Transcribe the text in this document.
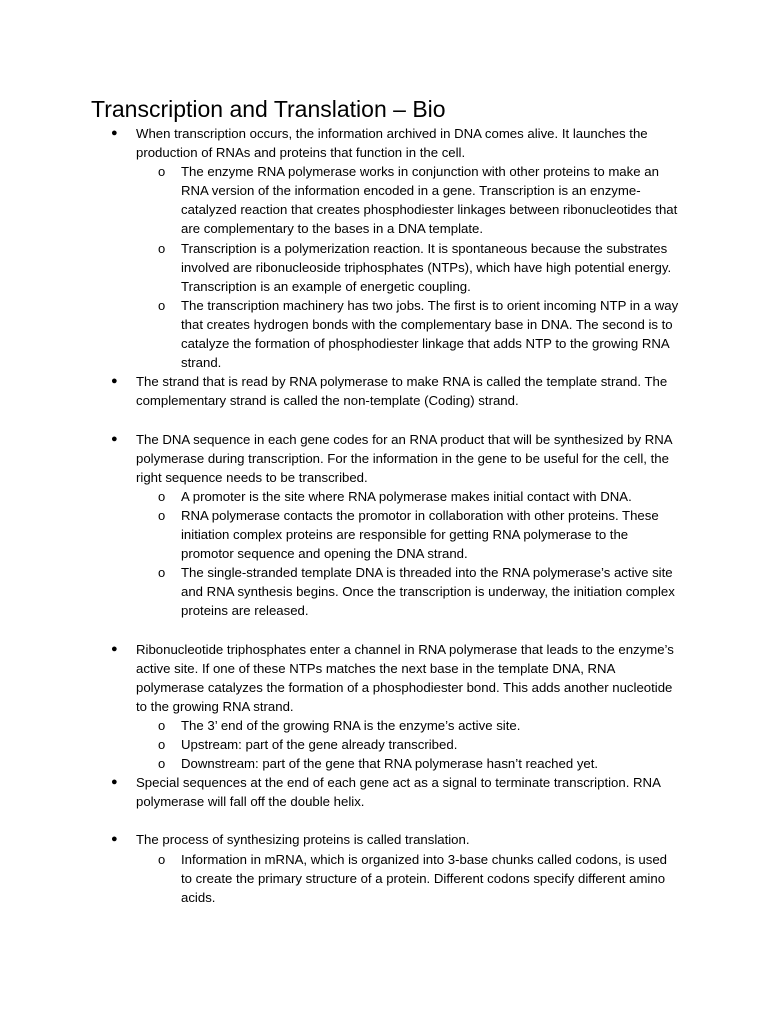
Transcription and Translation – Bio
● When transcription occurs, the information archived in DNA comes alive. It launches the production of RNAs and proteins that function in the cell.
o The enzyme RNA polymerase works in conjunction with other proteins to make an RNA version of the information encoded in a gene. Transcription is an enzyme-catalyzed reaction that creates phosphodiester linkages between ribonucleotides that are complementary to the bases in a DNA template.
o Transcription is a polymerization reaction. It is spontaneous because the substrates involved are ribonucleoside triphosphates (NTPs), which have high potential energy. Transcription is an example of energetic coupling.
o The transcription machinery has two jobs. The first is to orient incoming NTP in a way that creates hydrogen bonds with the complementary base in DNA. The second is to catalyze the formation of phosphodiester linkage that adds NTP to the growing RNA strand.
● The strand that is read by RNA polymerase to make RNA is called the template strand. The complementary strand is called the non-template (Coding) strand.
● The DNA sequence in each gene codes for an RNA product that will be synthesized by RNA polymerase during transcription. For the information in the gene to be useful for the cell, the right sequence needs to be transcribed.
o A promoter is the site where RNA polymerase makes initial contact with DNA.
o RNA polymerase contacts the promotor in collaboration with other proteins. These initiation complex proteins are responsible for getting RNA polymerase to the promotor sequence and opening the DNA strand.
o The single-stranded template DNA is threaded into the RNA polymerase’s active site and RNA synthesis begins. Once the transcription is underway, the initiation complex proteins are released.
● Ribonucleotide triphosphates enter a channel in RNA polymerase that leads to the enzyme’s active site. If one of these NTPs matches the next base in the template DNA, RNA polymerase catalyzes the formation of a phosphodiester bond. This adds another nucleotide to the growing RNA strand.
o The 3’ end of the growing RNA is the enzyme’s active site.
o Upstream: part of the gene already transcribed.
o Downstream: part of the gene that RNA polymerase hasn’t reached yet.
● Special sequences at the end of each gene act as a signal to terminate transcription. RNA polymerase will fall off the double helix.
● The process of synthesizing proteins is called translation.
o Information in mRNA, which is organized into 3-base chunks called codons, is used to create the primary structure of a protein. Different codons specify different amino acids.
